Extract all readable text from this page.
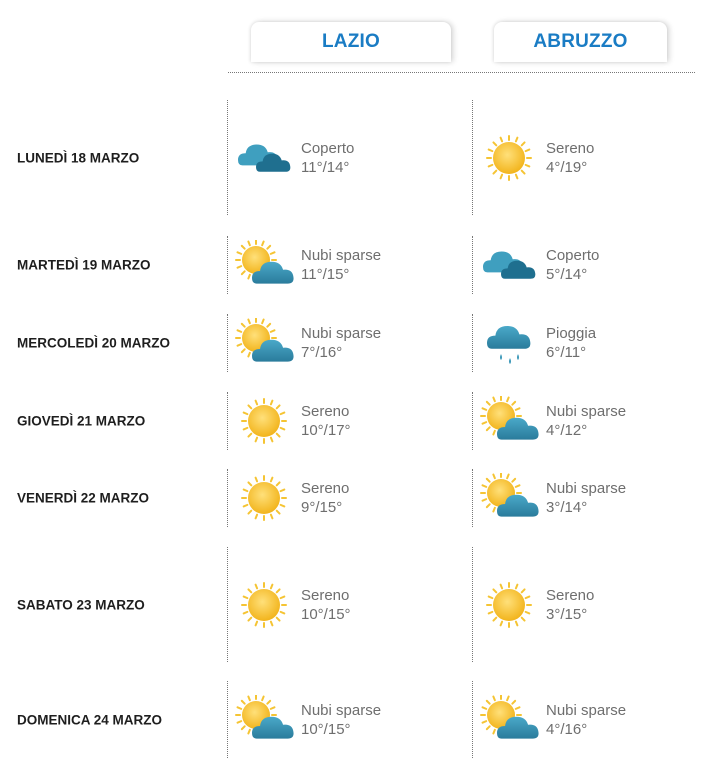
LAZIO	ABRUZZO
LUNEDÌ 18 MARZO
Coperto
11°/14°
Sereno
4°/19°
MARTEDÌ 19 MARZO
Nubi sparse
11°/15°
Coperto
5°/14°
MERCOLEDÌ 20 MARZO
Nubi sparse
7°/16°
Pioggia
6°/11°
GIOVEDÌ 21 MARZO
Sereno
10°/17°
Nubi sparse
4°/12°
VENERDÌ 22 MARZO
Sereno
9°/15°
Nubi sparse
3°/14°
SABATO 23 MARZO
Sereno
10°/15°
Sereno
3°/15°
DOMENICA 24 MARZO
Nubi sparse
10°/15°
Nubi sparse
4°/16°
